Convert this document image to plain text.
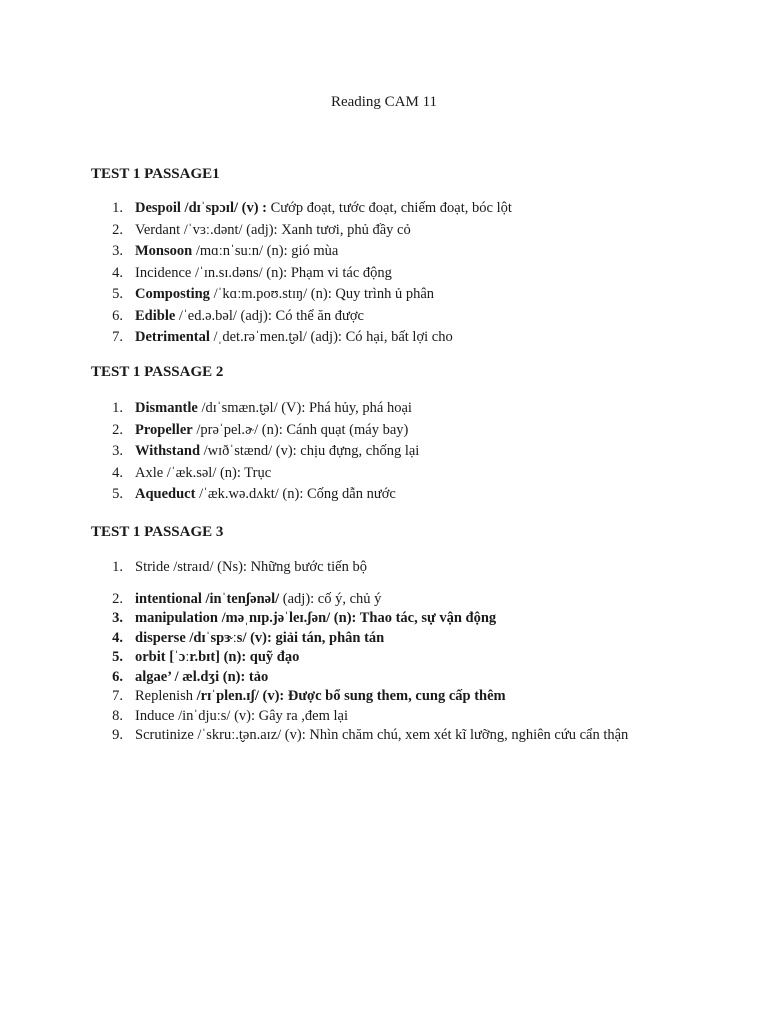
Reading CAM 11
TEST 1 PASSAGE1
1. Despoil /dɪˈspɔɪl/ (v) : Cướp đoạt, tước đoạt, chiếm đoạt, bóc lột
2. Verdant /ˈvɜː.dənt/ (adj): Xanh tươi, phủ đầy cỏ
3. Monsoon /mɑːnˈsuːn/ (n): gió mùa
4. Incidence /ˈɪn.sɪ.dəns/ (n): Phạm vi tác động
5. Composting /ˈkɑːm.poʊ.stɪŋ/ (n): Quy trình ủ phân
6. Edible /ˈed.ə.bəl/ (adj): Có thể ăn được
7. Detrimental /ˌdet.rəˈmen.t̬əl/ (adj): Có hại, bất lợi cho
TEST 1 PASSAGE 2
1. Dismantle /dɪˈsmæn.t̬əl/ (V): Phá hủy, phá hoại
2. Propeller /prəˈpel.ɚ/ (n): Cánh quạt (máy bay)
3. Withstand /wɪðˈstænd/ (v): chịu đựng, chống lại
4. Axle /ˈæk.səl/ (n): Trục
5. Aqueduct /ˈæk.wə.dʌkt/ (n): Cống dẫn nước
TEST 1 PASSAGE 3
1. Stride /straɪd/ (Ns): Những bước tiến bộ
2. intentional /inˈtenʃənəl/ (adj): cố ý, chủ ý
3. manipulation /məˌnɪp.jəˈleɪ.ʃən/ (n): Thao tác, sự vận động
4. disperse /dɪˈspɝːs/ (v): giải tán, phân tán
5. orbit [ˈɔːr.bɪt] (n): quỹ đạo
6. algae’ / æl.dʒi (n): tảo
7. Replenish /rɪˈplen.ɪʃ/ (v): Được bổ sung them, cung cấp thêm
8. Induce /inˈdjuːs/ (v): Gây ra ,đem lại
9. Scrutinize /ˈskruː.t̬ən.aɪz/ (v): Nhìn chăm chú, xem xét kĩ lưỡng, nghiên cứu cẩn thận
